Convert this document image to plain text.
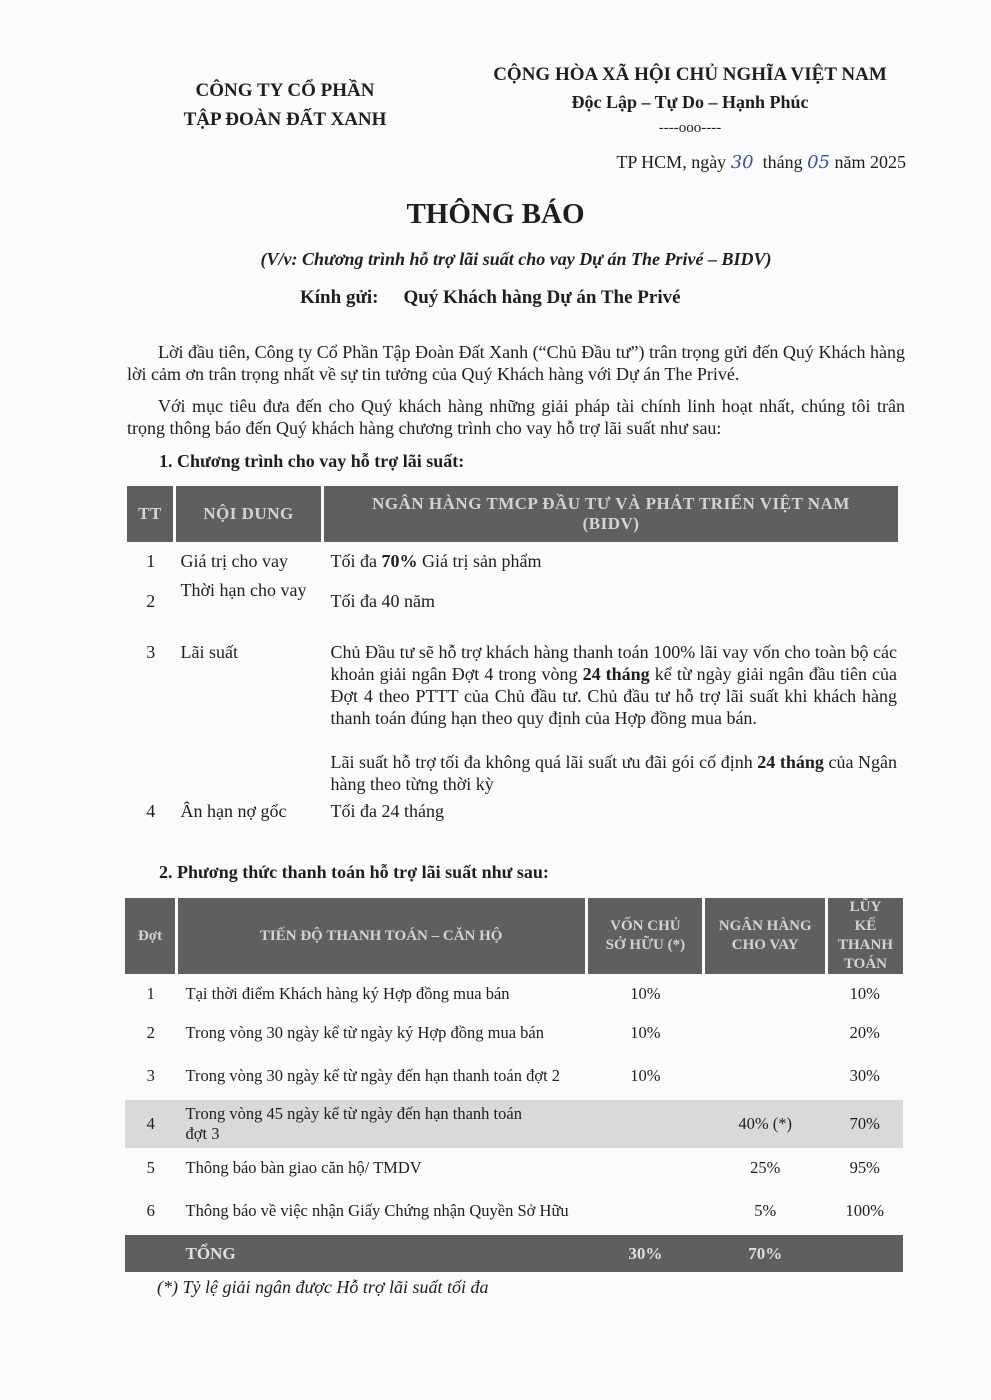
CÔNG TY CỔ PHẦN
TẬP ĐOÀN ĐẤT XANH
CỘNG HÒA XÃ HỘI CHỦ NGHĨA VIỆT NAM
Độc Lập – Tự Do – Hạnh Phúc
----ooo----
TP HCM, ngày 30 tháng 05 năm 2025
THÔNG BÁO
(V/v: Chương trình hỗ trợ lãi suất cho vay Dự án The Privé – BIDV)
Kính gửi: Quý Khách hàng Dự án The Privé
Lời đầu tiên, Công ty Cổ Phần Tập Đoàn Đất Xanh (“Chủ Đầu tư”) trân trọng gửi đến Quý Khách hàng lời cảm ơn trân trọng nhất về sự tin tưởng của Quý Khách hàng với Dự án The Privé.
Với mục tiêu đưa đến cho Quý khách hàng những giải pháp tài chính linh hoạt nhất, chúng tôi trân trọng thông báo đến Quý khách hàng chương trình cho vay hỗ trợ lãi suất như sau:
1. Chương trình cho vay hỗ trợ lãi suất:
TT	NỘI DUNG	NGÂN HÀNG TMCP ĐẦU TƯ VÀ PHÁT TRIỂN VIỆT NAM (BIDV)
1	Giá trị cho vay	Tối đa 70% Giá trị sản phẩm
2	Thời hạn cho vay	Tối đa 40 năm
3	Lãi suất	Chủ Đầu tư sẽ hỗ trợ khách hàng thanh toán 100% lãi vay vốn cho toàn bộ các khoản giải ngân Đợt 4 trong vòng 24 tháng kể từ ngày giải ngân đầu tiên của Đợt 4 theo PTTT của Chủ đầu tư. Chủ đầu tư hỗ trợ lãi suất khi khách hàng thanh toán đúng hạn theo quy định của Hợp đồng mua bán.
Lãi suất hỗ trợ tối đa không quá lãi suất ưu đãi gói cố định 24 tháng của Ngân hàng theo từng thời kỳ

4	Ân hạn nợ gốc	Tối đa 24 tháng
2. Phương thức thanh toán hỗ trợ lãi suất như sau:
Đợt	TIẾN ĐỘ THANH TOÁN – CĂN HỘ	VỐN CHỦ SỞ HỮU (*)	NGÂN HÀNG CHO VAY	LŨY KẾ THANH TOÁN
1	Tại thời điểm Khách hàng ký Hợp đồng mua bán	10%		10%
2	Trong vòng 30 ngày kể từ ngày ký Hợp đồng mua bán	10%		20%
3	Trong vòng 30 ngày kể từ ngày đến hạn thanh toán đợt 2	10%		30%
4	Trong vòng 45 ngày kể từ ngày đến hạn thanh toán đợt 3		40% (*)	70%
5	Thông báo bàn giao căn hộ/ TMDV		25%	95%
6	Thông báo về việc nhận Giấy Chứng nhận Quyền Sở Hữu		5%	100%
	TỔNG	30%	70%	
(*) Tỷ lệ giải ngân được Hỗ trợ lãi suất tối đa
